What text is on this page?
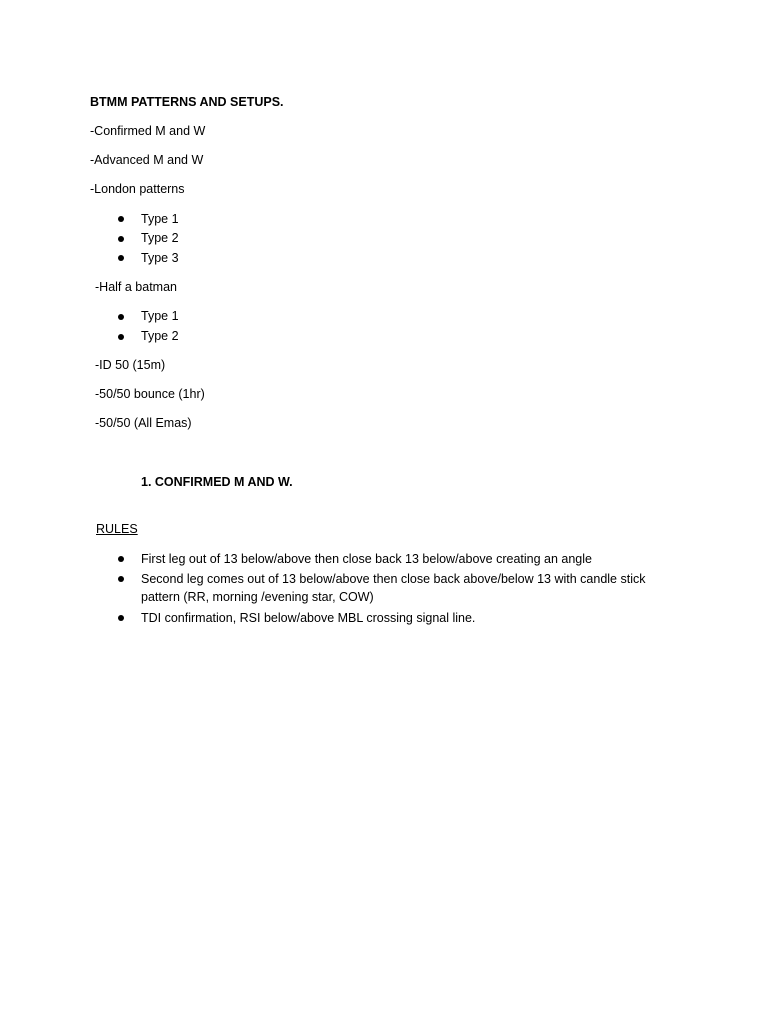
BTMM PATTERNS AND SETUPS.
-Confirmed M and W
-Advanced M and W
-London patterns
Type 1
Type 2
Type 3
-Half a batman
Type 1
Type 2
-ID 50 (15m)
-50/50 bounce (1hr)
-50/50 (All Emas)
1. CONFIRMED M AND W.
RULES
First leg out of 13 below/above then close back 13 below/above creating an angle
Second leg comes out of 13 below/above then close back above/below 13 with candle stick pattern (RR, morning /evening star, COW)
TDI confirmation, RSI below/above MBL crossing signal line.
